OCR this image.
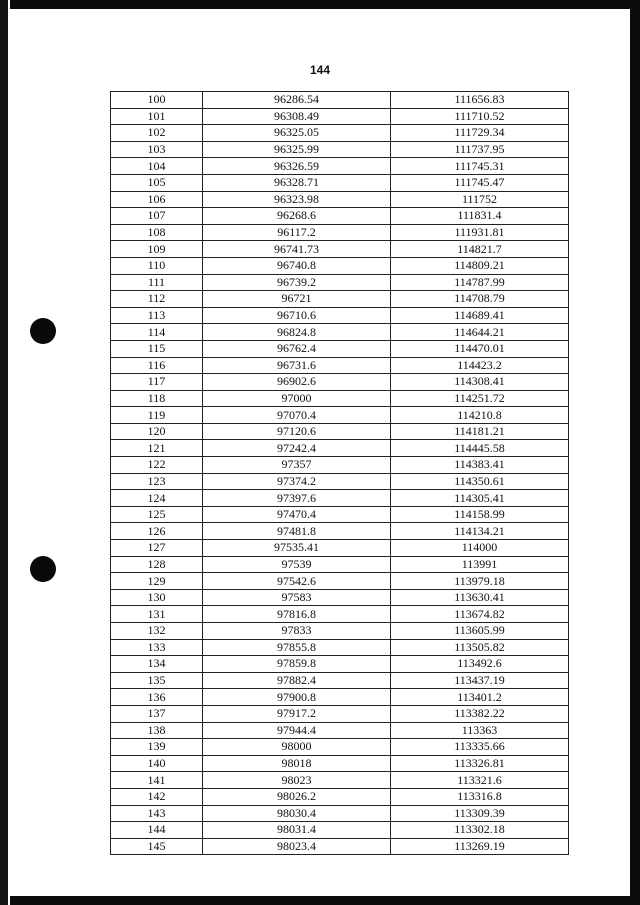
144
100	96286.54	111656.83
101	96308.49	111710.52
102	96325.05	111729.34
103	96325.99	111737.95
104	96326.59	111745.31
105	96328.71	111745.47
106	96323.98	111752
107	96268.6	111831.4
108	96117.2	111931.81
109	96741.73	114821.7
110	96740.8	114809.21
111	96739.2	114787.99
112	96721	114708.79
113	96710.6	114689.41
114	96824.8	114644.21
115	96762.4	114470.01
116	96731.6	114423.2
117	96902.6	114308.41
118	97000	114251.72
119	97070.4	114210.8
120	97120.6	114181.21
121	97242.4	114445.58
122	97357	114383.41
123	97374.2	114350.61
124	97397.6	114305.41
125	97470.4	114158.99
126	97481.8	114134.21
127	97535.41	114000
128	97539	113991
129	97542.6	113979.18
130	97583	113630.41
131	97816.8	113674.82
132	97833	113605.99
133	97855.8	113505.82
134	97859.8	113492.6
135	97882.4	113437.19
136	97900.8	113401.2
137	97917.2	113382.22
138	97944.4	113363
139	98000	113335.66
140	98018	113326.81
141	98023	113321.6
142	98026.2	113316.8
143	98030.4	113309.39
144	98031.4	113302.18
145	98023.4	113269.19
